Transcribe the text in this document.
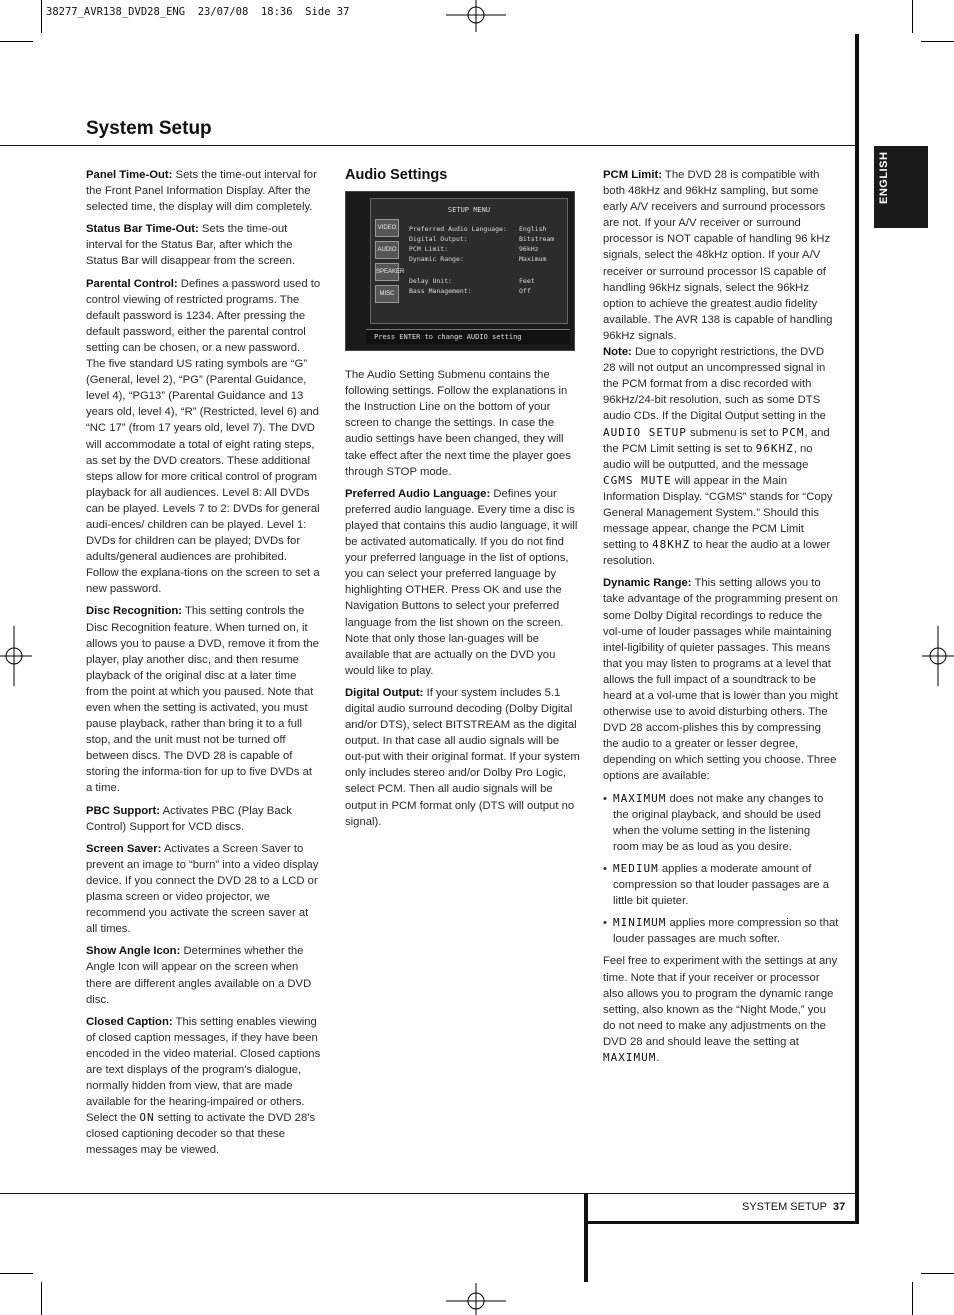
38277_AVR138_DVD28_ENG  23/07/08  18:36  Side 37
System Setup
ENGLISH

Panel Time-Out: Sets the time-out interval for the Front Panel Information Display. After the selected time, the display will dim completely.

Status Bar Time-Out: Sets the time-out interval for the Status Bar, after which the Status Bar will disappear from the screen.

Parental Control: Defines a password used to control viewing of restricted programs. The default password is 1234. After pressing the default password, either the parental control setting can be chosen, or a new password. The five standard US rating symbols are “G” (General, level 2), “PG” (Parental Guidance, level 4), “PG13” (Parental Guidance and 13 years old, level 4), “R” (Restricted, level 6) and “NC 17” (from 17 years old, level 7). The DVD will accommodate a total of eight rating steps, as set by the DVD creators. These additional steps allow for more critical control of program playback for all audiences. Level 8: All DVDs can be played. Levels 7 to 2: DVDs for general audi-ences/ children can be played. Level 1: DVDs for children can be played; DVDs for adults/general audiences are prohibited. Follow the explana-tions on the screen to set a new password.

Disc Recognition: This setting controls the Disc Recognition feature. When turned on, it allows you to pause a DVD, remove it from the player, play another disc, and then resume playback of the original disc at a later time from the point at which you paused. Note that even when the setting is activated, you must pause playback, rather than bring it to a full stop, and the unit must not be turned off between discs. The DVD 28 is capable of storing the informa-tion for up to five DVDs at a time.

PBC Support: Activates PBC (Play Back Control) Support for VCD discs.

Screen Saver: Activates a Screen Saver to prevent an image to “burn” into a video display device. If you connect the DVD 28 to a LCD or plasma screen or video projector, we recommend you activate the screen saver at all times.

Show Angle Icon: Determines whether the Angle Icon will appear on the screen when there are different angles available on a DVD disc.

Closed Caption: This setting enables viewing of closed caption messages, if they have been encoded in the video material. Closed captions are text displays of the program’s dialogue, normally hidden from view, that are made available for the hearing-impaired or others. Select the ON setting to activate the DVD 28’s closed captioning decoder so that these messages may be viewed.

Audio Settings
SETUP MENU
VIDEO
AUDIO
SPEAKER
MISC
Preferred Audio Language: English
Digital Output:	Bitstream
PCM Limit:	96kHz
Dynamic Range:	Maximum
Delay Unit:	Feet
Bass Management:	Off
Press ENTER to change AUDIO setting

The Audio Setting Submenu contains the following settings. Follow the explanations in the Instruction Line on the bottom of your screen to change the settings. In case the audio settings have been changed, they will take effect after the next time the player goes through STOP mode.

Preferred Audio Language: Defines your preferred audio language. Every time a disc is played that contains this audio language, it will be activated automatically. If you do not find your preferred language in the list of options, you can select your preferred language by highlighting OTHER. Press OK and use the Navigation Buttons to select your preferred language from the list shown on the screen. Note that only those lan-guages will be available that are actually on the DVD you would like to play.

Digital Output: If your system includes 5.1 digital audio surround decoding (Dolby Digital and/or DTS), select BITSTREAM as the digital output. In that case all audio signals will be out-put with their original format. If your system only includes stereo and/or Dolby Pro Logic, select PCM. Then all audio signals will be output in PCM format only (DTS will output no signal).

PCM Limit: The DVD 28 is compatible with both 48kHz and 96kHz sampling, but some early A/V receivers and surround processors are not. If your A/V receiver or surround processor is NOT capable of handling 96 kHz signals, select the 48kHz option. If your A/V receiver or surround processor IS capable of handling 96kHz signals, select the 96kHz option to achieve the greatest audio fidelity available. The AVR 138 is capable of handling 96kHz signals.

Note: Due to copyright restrictions, the DVD 28 will not output an uncompressed signal in the PCM format from a disc recorded with 96kHz/24-bit resolution, such as some DTS audio CDs. If the Digital Output setting in the AUDIO SETUP submenu is set to PCM, and the PCM Limit setting is set to 96KHZ, no audio will be outputted, and the message CGMS MUTE will appear in the Main Information Display. “CGMS” stands for “Copy General Management System.” Should this message appear, change the PCM Limit setting to 48KHZ to hear the audio at a lower resolution.

Dynamic Range: This setting allows you to take advantage of the programming present on some Dolby Digital recordings to reduce the vol-ume of louder passages while maintaining intel-ligibility of quieter passages. This means that you may listen to programs at a level that allows the full impact of a soundtrack to be heard at a vol-ume that is lower than you might otherwise use to avoid disturbing others. The DVD 28 accom-plishes this by compressing the audio to a greater or lesser degree, depending on which setting you choose. Three options are available:

• MAXIMUM does not make any changes to the original playback, and should be used when the volume setting in the listening room may be as loud as you desire.
• MEDIUM applies a moderate amount of compression so that louder passages are a little bit quieter.
• MINIMUM applies more compression so that louder passages are much softer.

Feel free to experiment with the settings at any time. Note that if your receiver or processor also allows you to program the dynamic range setting, also known as the “Night Mode,” you do not need to make any adjustments on the DVD 28 and should leave the setting at MAXIMUM.

SYSTEM SETUP 37
